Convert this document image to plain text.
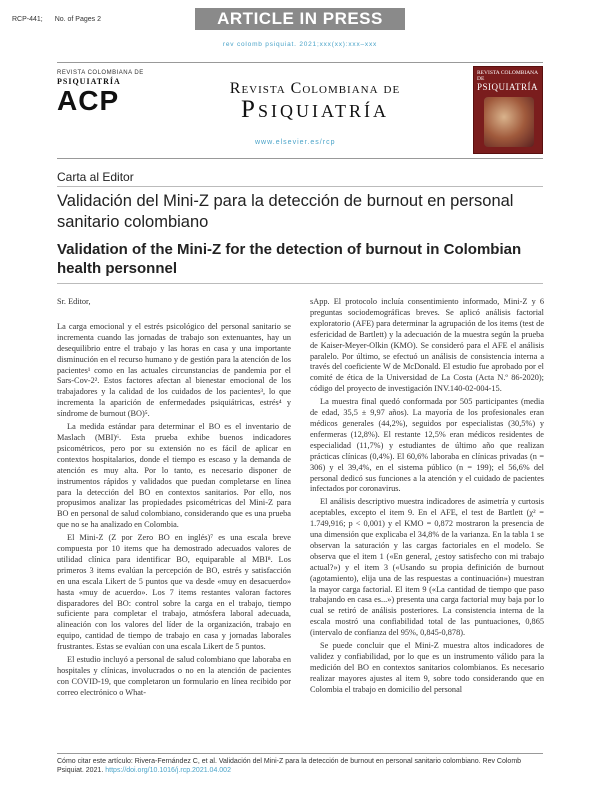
RCP-441; No. of Pages 2	ARTICLE IN PRESS
rev colomb psiquiat. 2021;xxx(xx):xxx–xxx
REVISTA COLOMBIANA DE
PSIQUIATRÍA
ACP	Revista Colombiana de
Psiquiatría
REVISTA COLOMBIANA DE
PSIQUIATRÍA
www.elsevier.es/rcp
Carta al Editor
Validación del Mini-Z para la detección de burnout en personal sanitario colombiano
Validation of the Mini-Z for the detection of burnout in Colombian health personnel

Sr. Editor,

La carga emocional y el estrés psicológico del personal sanitario se incrementa cuando las jornadas de trabajo son extenuantes, hay un desequilibrio entre el trabajo y las horas en casa y una importante disminución en el recurso humano y de gestión para la atención de los pacientes¹ como en las actuales circunstancias de pandemia por el Sars-Cov-2². Estos factores afectan al bienestar emocional de los trabajadores y la calidad de los cuidados de los pacientes³, lo que incrementa la aparición de enfermedades psiquiátricas, estrés⁴ y síndrome de burnout (BO)⁵.

La medida estándar para determinar el BO es el inventario de Maslach (MBI)⁶. Esta prueba exhibe buenos indicadores psicométricos, pero por su extensión no es fácil de aplicar en contextos hospitalarios, donde el tiempo es escaso y la demanda de atención es muy alta. Por lo tanto, es necesario disponer de instrumentos rápidos y validados que puedan completarse en línea para la detección del BO en contextos sanitarios. Por ello, nos propusimos analizar las propiedades psicométricas del Mini-Z para BO en personal de salud colombiano, considerando que es una prueba que no se ha analizado en Colombia.

El Mini-Z (Z por Zero BO en inglés)⁷ es una escala breve compuesta por 10 items que ha demostrado adecuados valores de utilidad clínica para identificar BO, equiparable al MBI⁸. Los primeros 3 items evalúan la percepción de BO, estrés y satisfacción en una escala Likert de 5 puntos que va desde «muy en desacuerdo» hasta «muy de acuerdo». Los 7 items restantes valoran factores disparadores del BO: control sobre la carga en el trabajo, tiempo suficiente para completar el trabajo, atmósfera laboral adecuada, alineación con los valores del líder de la organización, trabajo en equipo, cantidad de tiempo de trabajo en casa y jornadas laborales frustrantes. Estas se evalúan con una escala Likert de 5 puntos.

El estudio incluyó a personal de salud colombiano que laboraba en hospitales y clínicas, involucrados o no en la atención de pacientes con COVID-19, que completaron un formulario en línea recibido por correo electrónico o What-

sApp. El protocolo incluía consentimiento informado, Mini-Z y 6 preguntas sociodemográficas breves. Se aplicó análisis factorial exploratorio (AFE) para determinar la agrupación de los items (test de esfericidad de Bartlett) y la adecuación de la muestra según la prueba de Kaiser-Meyer-Olkin (KMO). Se consideró para el AFE el análisis paralelo. Por último, se efectuó un análisis de consistencia interna a través del coeficiente W de McDonald. El estudio fue aprobado por el comité de ética de la Universidad de La Costa (Acta N.º 86-2020); código del proyecto de investigación INV.140-02-004-15.

La muestra final quedó conformada por 505 participantes (media de edad, 35,5 ± 9,97 años). La mayoría de los profesionales eran médicos generales (44,2%), seguidos por especialistas (30,5%) y enfermeras (12,8%). El restante 12,5% eran médicos residentes de especialidad (11,7%) y estudiantes de último año que realizan prácticas clínicas (0,4%). El 60,6% laboraba en clínicas privadas (n = 306) y el 39,4%, en el sistema público (n = 199); el 56,6% del personal dedicó sus funciones a la atención y el cuidado de pacientes infectados por coronavirus.

El análisis descriptivo muestra indicadores de asimetría y curtosis aceptables, excepto el item 9. En el AFE, el test de Bartlett (χ² = 1.749,916; p < 0,001) y el KMO = 0,872 mostraron la presencia de una dimensión que explicaba el 34,8% de la varianza. En la tabla 1 se observan la saturación y las cargas factoriales en el modelo. Se observa que el item 1 («En general, ¿estoy satisfecho con mi trabajo actual?») y el item 3 («Usando su propia definición de burnout (agotamiento), elija una de las respuestas a continuación») muestran la mayor carga factorial. El item 9 («La cantidad de tiempo que paso trabajando en casa es...») presenta una carga factorial muy baja por lo cual se retiró de análisis posteriores. La consistencia interna de la escala mostró una confiabilidad total de las puntuaciones, 0,865 (intervalo de confianza del 95%, 0,845-0,878).

Se puede concluir que el Mini-Z muestra altos indicadores de validez y confiabilidad, por lo que es un instrumento válido para la medición del BO en contextos sanitarios colombianos. Es necesario realizar mayores ajustes al item 9, sobre todo considerando que en Colombia el trabajo en domicilio del personal

Cómo citar este artículo: Rivera-Fernández C, et al. Validación del Mini-Z para la detección de burnout en personal sanitario colombiano. Rev Colomb Psiquiat. 2021. https://doi.org/10.1016/j.rcp.2021.04.002
